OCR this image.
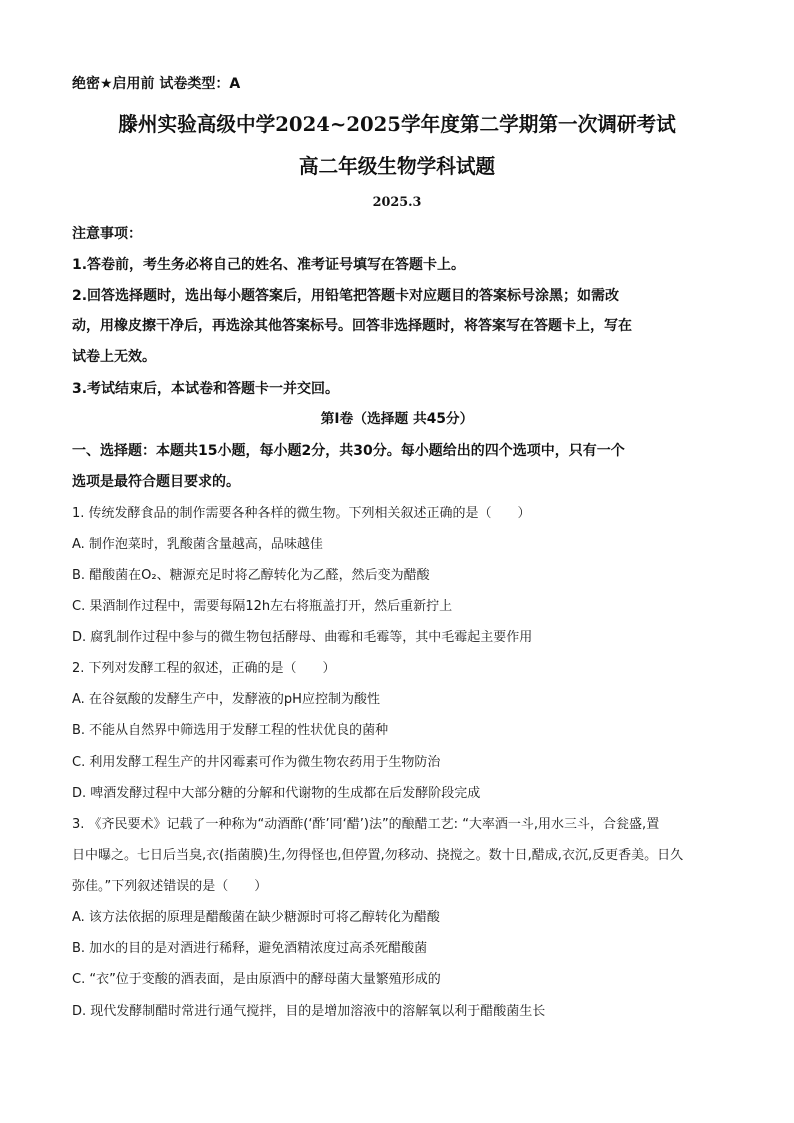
绝密★启用前 试卷类型：A
滕州实验高级中学2024~2025学年度第二学期第一次调研考试
高二年级生物学科试题
2025.3
注意事项：
1.答卷前，考生务必将自己的姓名、准考证号填写在答题卡上。
2.回答选择题时，选出每小题答案后，用铅笔把答题卡对应题目的答案标号涂黑；如需改
动，用橡皮擦干净后，再选涂其他答案标号。回答非选择题时，将答案写在答题卡上，写在
试卷上无效。
3.考试结束后，本试卷和答题卡一并交回。
第Ⅰ卷（选择题 共45分）
一、选择题：本题共15小题，每小题2分，共30分。每小题给出的四个选项中，只有一个
选项是最符合题目要求的。
1. 传统发酵食品的制作需要各种各样的微生物。下列相关叙述正确的是（　　）
A. 制作泡菜时，乳酸菌含量越高，品味越佳
B. 醋酸菌在O₂、糖源充足时将乙醇转化为乙醛，然后变为醋酸
C. 果酒制作过程中，需要每隔12h左右将瓶盖打开，然后重新拧上
D. 腐乳制作过程中参与的微生物包括酵母、曲霉和毛霉等，其中毛霉起主要作用
2. 下列对发酵工程的叙述，正确的是（　　）
A. 在谷氨酸的发酵生产中，发酵液的pH应控制为酸性
B. 不能从自然界中筛选用于发酵工程的性状优良的菌种
C. 利用发酵工程生产的井冈霉素可作为微生物农药用于生物防治
D. 啤酒发酵过程中大部分糖的分解和代谢物的生成都在后发酵阶段完成
3. 《齐民要术》记载了一种称为“动酒酢(‘酢’同‘醋’)法”的酿醋工艺: “大率酒一斗,用水三斗，合瓮盛,置
日中曝之。七日后当臭,衣(指菌膜)生,勿得怪也,但停置,勿移动、挠搅之。数十日,醋成,衣沉,反更香美。日久
弥佳。”下列叙述错误的是（　　）
A. 该方法依据的原理是醋酸菌在缺少糖源时可将乙醇转化为醋酸
B. 加水的目的是对酒进行稀释，避免酒精浓度过高杀死醋酸菌
C. “衣”位于变酸的酒表面，是由原酒中的酵母菌大量繁殖形成的
D. 现代发酵制醋时常进行通气搅拌，目的是增加溶液中的溶解氧以利于醋酸菌生长
